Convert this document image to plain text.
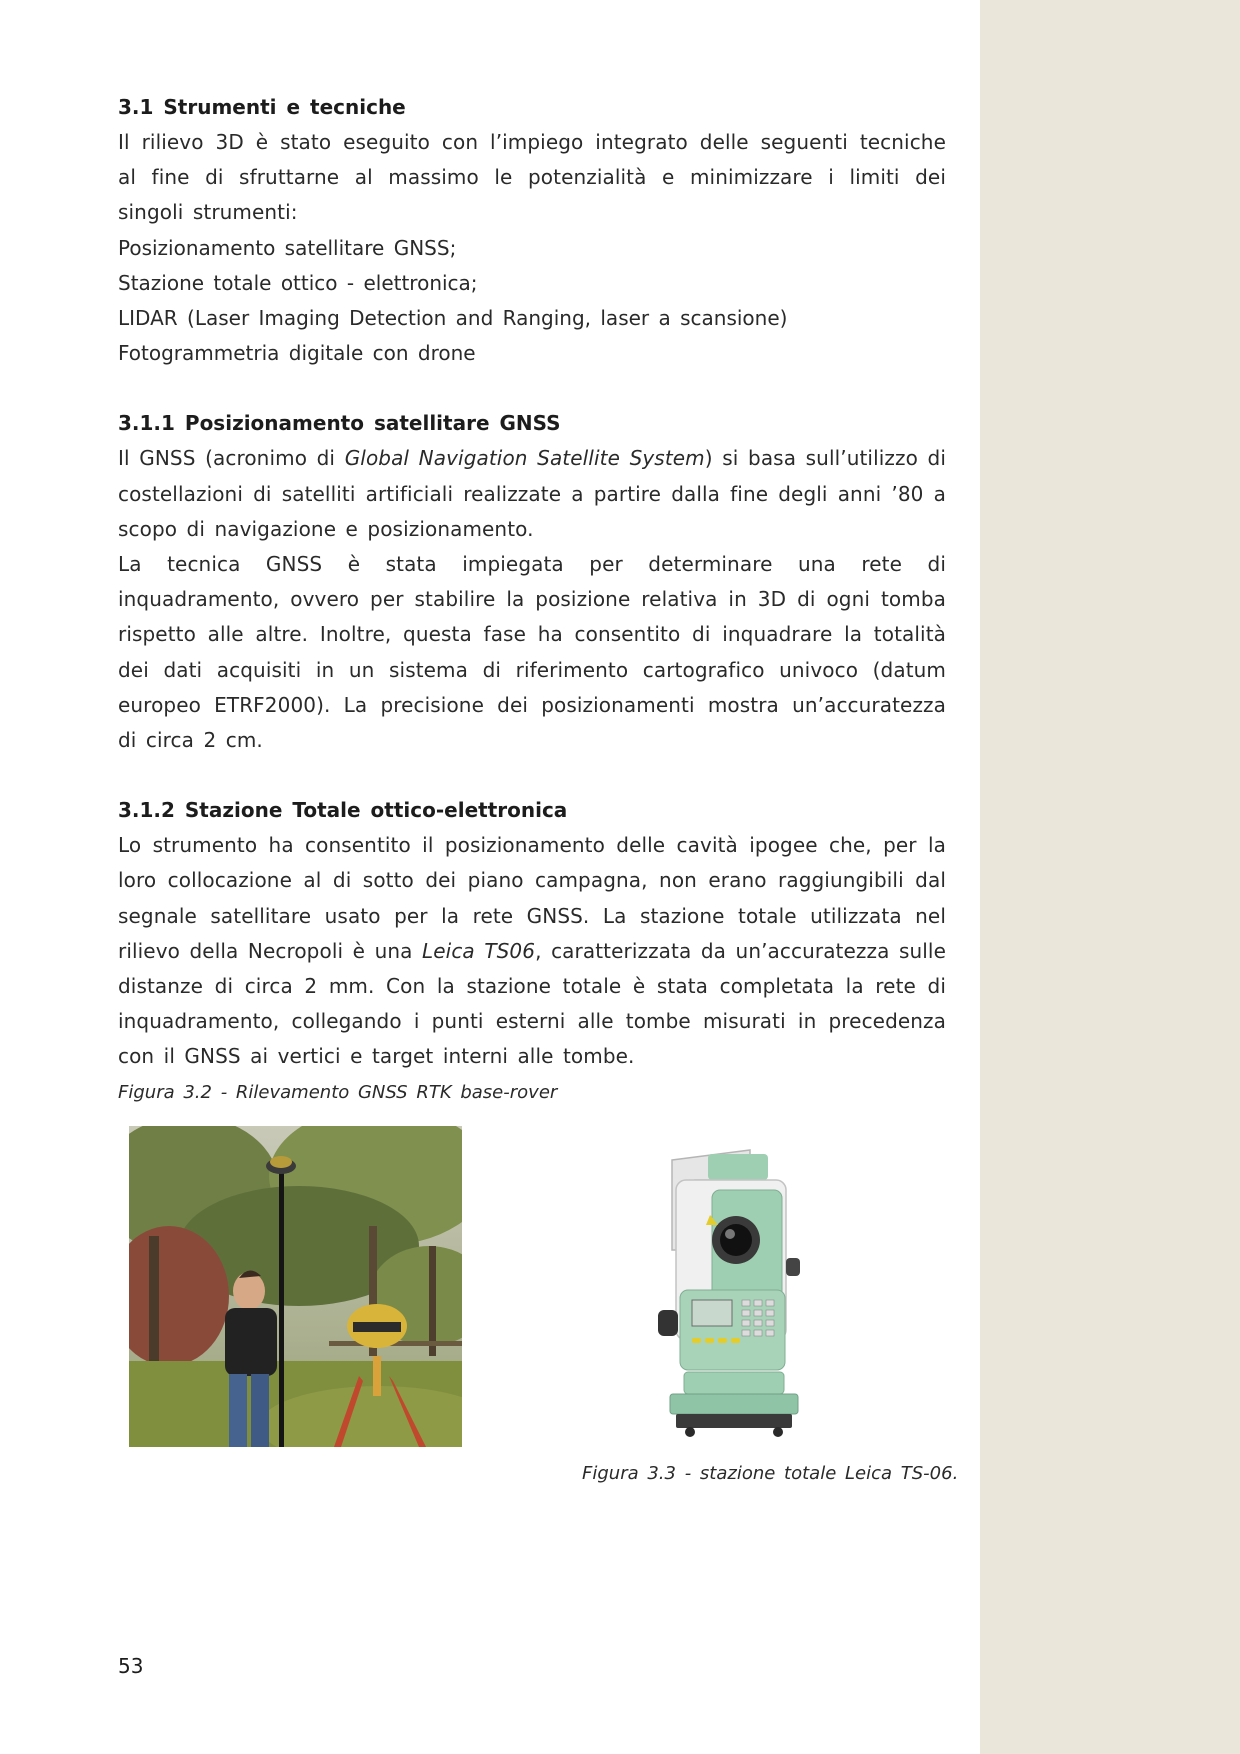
3.1 Strumenti e tecniche

Il rilievo 3D è stato eseguito con l’impiego integrato delle seguenti tecniche al fine di sfruttarne al massimo le potenzialità e minimizzare i limiti dei singoli strumenti:

Posizionamento satellitare GNSS;
Stazione totale ottico - elettronica;
LIDAR (Laser Imaging Detection and Ranging, laser a scansione)
Fotogrammetria digitale con drone
3.1.1 Posizionamento satellitare GNSS

Il GNSS (acronimo di Global Navigation Satellite System) si basa sull’utilizzo di costellazioni di satelliti artificiali realizzate a partire dalla fine degli anni ’80 a scopo di navigazione e posizionamento.

La tecnica GNSS è stata impiegata per determinare una rete di inquadramento, ovvero per stabilire la posizione relativa in 3D di ogni tomba rispetto alle altre. Inoltre, questa fase ha consentito di inquadrare la totalità dei dati acquisiti in un sistema di riferimento cartografico univoco (datum europeo ETRF2000). La precisione dei posizionamenti mostra un’accuratezza di circa 2 cm.

3.1.2 Stazione Totale ottico-elettronica

Lo strumento ha consentito il posizionamento delle cavità ipogee che, per la loro collocazione al di sotto dei piano campagna, non erano raggiungibili dal segnale satellitare usato per la rete GNSS. La stazione totale utilizzata nel rilievo della Necropoli è una Leica TS06, caratterizzata da un’accuratezza sulle distanze di circa 2 mm. Con la stazione totale è stata completata la rete di inquadramento, collegando i punti esterni alle tombe misurati in precedenza con il GNSS ai vertici e target interni alle tombe.

Figura 3.2 - Rilevamento GNSS RTK base-rover
Figura 3.3 - stazione totale Leica TS-06.
53
